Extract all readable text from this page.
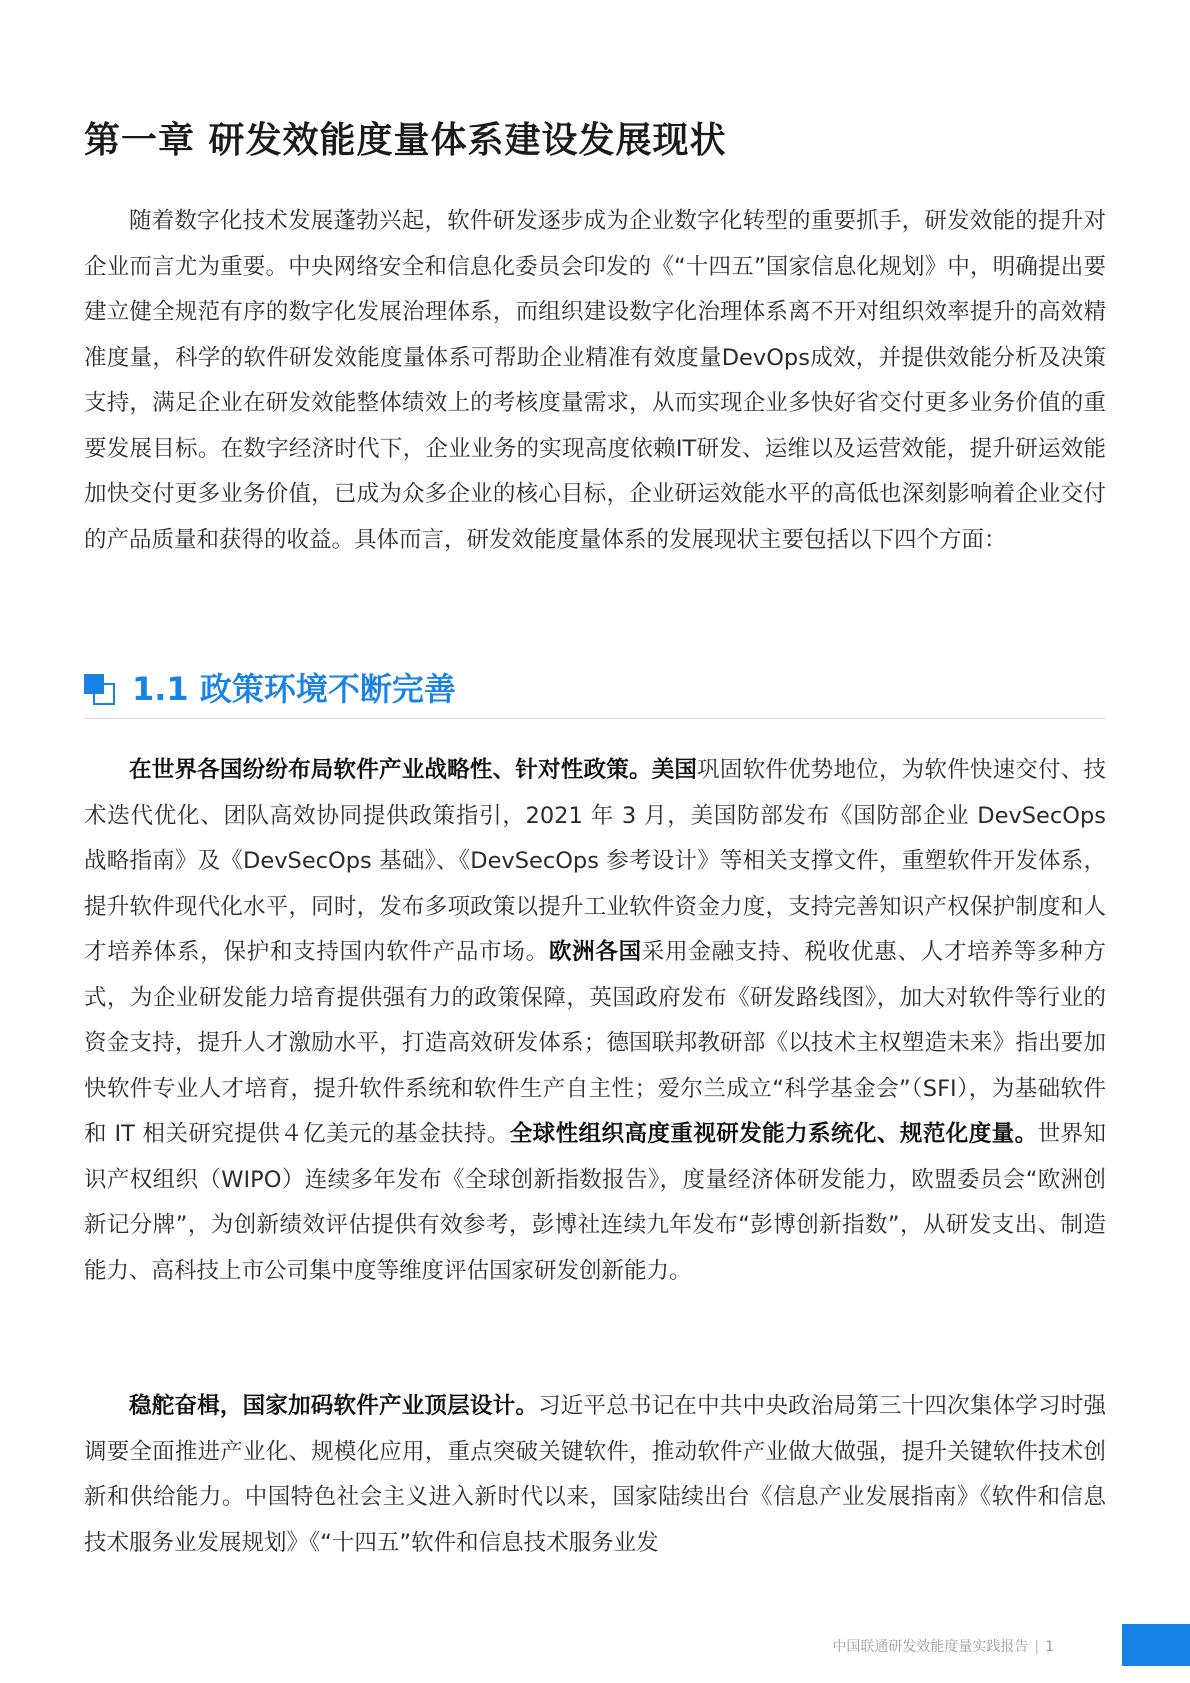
第一章 研发效能度量体系建设发展现状

随着数字化技术发展蓬勃兴起，软件研发逐步成为企业数字化转型的重要抓手，研发效能的提升对企业而言尤为重要。中央网络安全和信息化委员会印发的《“十四五”国家信息化规划》中，明确提出要建立健全规范有序的数字化发展治理体系，而组织建设数字化治理体系离不开对组织效率提升的高效精准度量，科学的软件研发效能度量体系可帮助企业精准有效度量DevOps成效，并提供效能分析及决策支持，满足企业在研发效能整体绩效上的考核度量需求，从而实现企业多快好省交付更多业务价值的重要发展目标。在数字经济时代下，企业业务的实现高度依赖IT研发、运维以及运营效能，提升研运效能加快交付更多业务价值，已成为众多企业的核心目标，企业研运效能水平的高低也深刻影响着企业交付的产品质量和获得的收益。具体而言，研发效能度量体系的发展现状主要包括以下四个方面：

1.1 政策环境不断完善

在世界各国纷纷布局软件产业战略性、针对性政策。美国巩固软件优势地位，为软件快速交付、技术迭代优化、团队高效协同提供政策指引，2021 年 3 月，美国防部发布《国防部企业 DevSecOps 战略指南》及《DevSecOps 基础》、《DevSecOps 参考设计》等相关支撑文件，重塑软件开发体系，提升软件现代化水平，同时，发布多项政策以提升工业软件资金力度，支持完善知识产权保护制度和人才培养体系，保护和支持国内软件产品市场。欧洲各国采用金融支持、税收优惠、人才培养等多种方式，为企业研发能力培育提供强有力的政策保障，英国政府发布《研发路线图》，加大对软件等行业的资金支持，提升人才激励水平，打造高效研发体系；德国联邦教研部《以技术主权塑造未来》指出要加快软件专业人才培育，提升软件系统和软件生产自主性；爱尔兰成立“科学基金会”（SFI），为基础软件和 IT 相关研究提供４亿美元的基金扶持。全球性组织高度重视研发能力系统化、规范化度量。世界知识产权组织（WIPO）连续多年发布《全球创新指数报告》，度量经济体研发能力，欧盟委员会“欧洲创新记分牌”，为创新绩效评估提供有效参考，彭博社连续九年发布“彭博创新指数”，从研发支出、制造能力、高科技上市公司集中度等维度评估国家研发创新能力。

稳舵奋楫，国家加码软件产业顶层设计。习近平总书记在中共中央政治局第三十四次集体学习时强调要全面推进产业化、规模化应用，重点突破关键软件，推动软件产业做大做强，提升关键软件技术创新和供给能力。中国特色社会主义进入新时代以来，国家陆续出台《信息产业发展指南》《软件和信息技术服务业发展规划》《“十四五”软件和信息技术服务业发

中国联通研发效能度量实践报告 | 1
